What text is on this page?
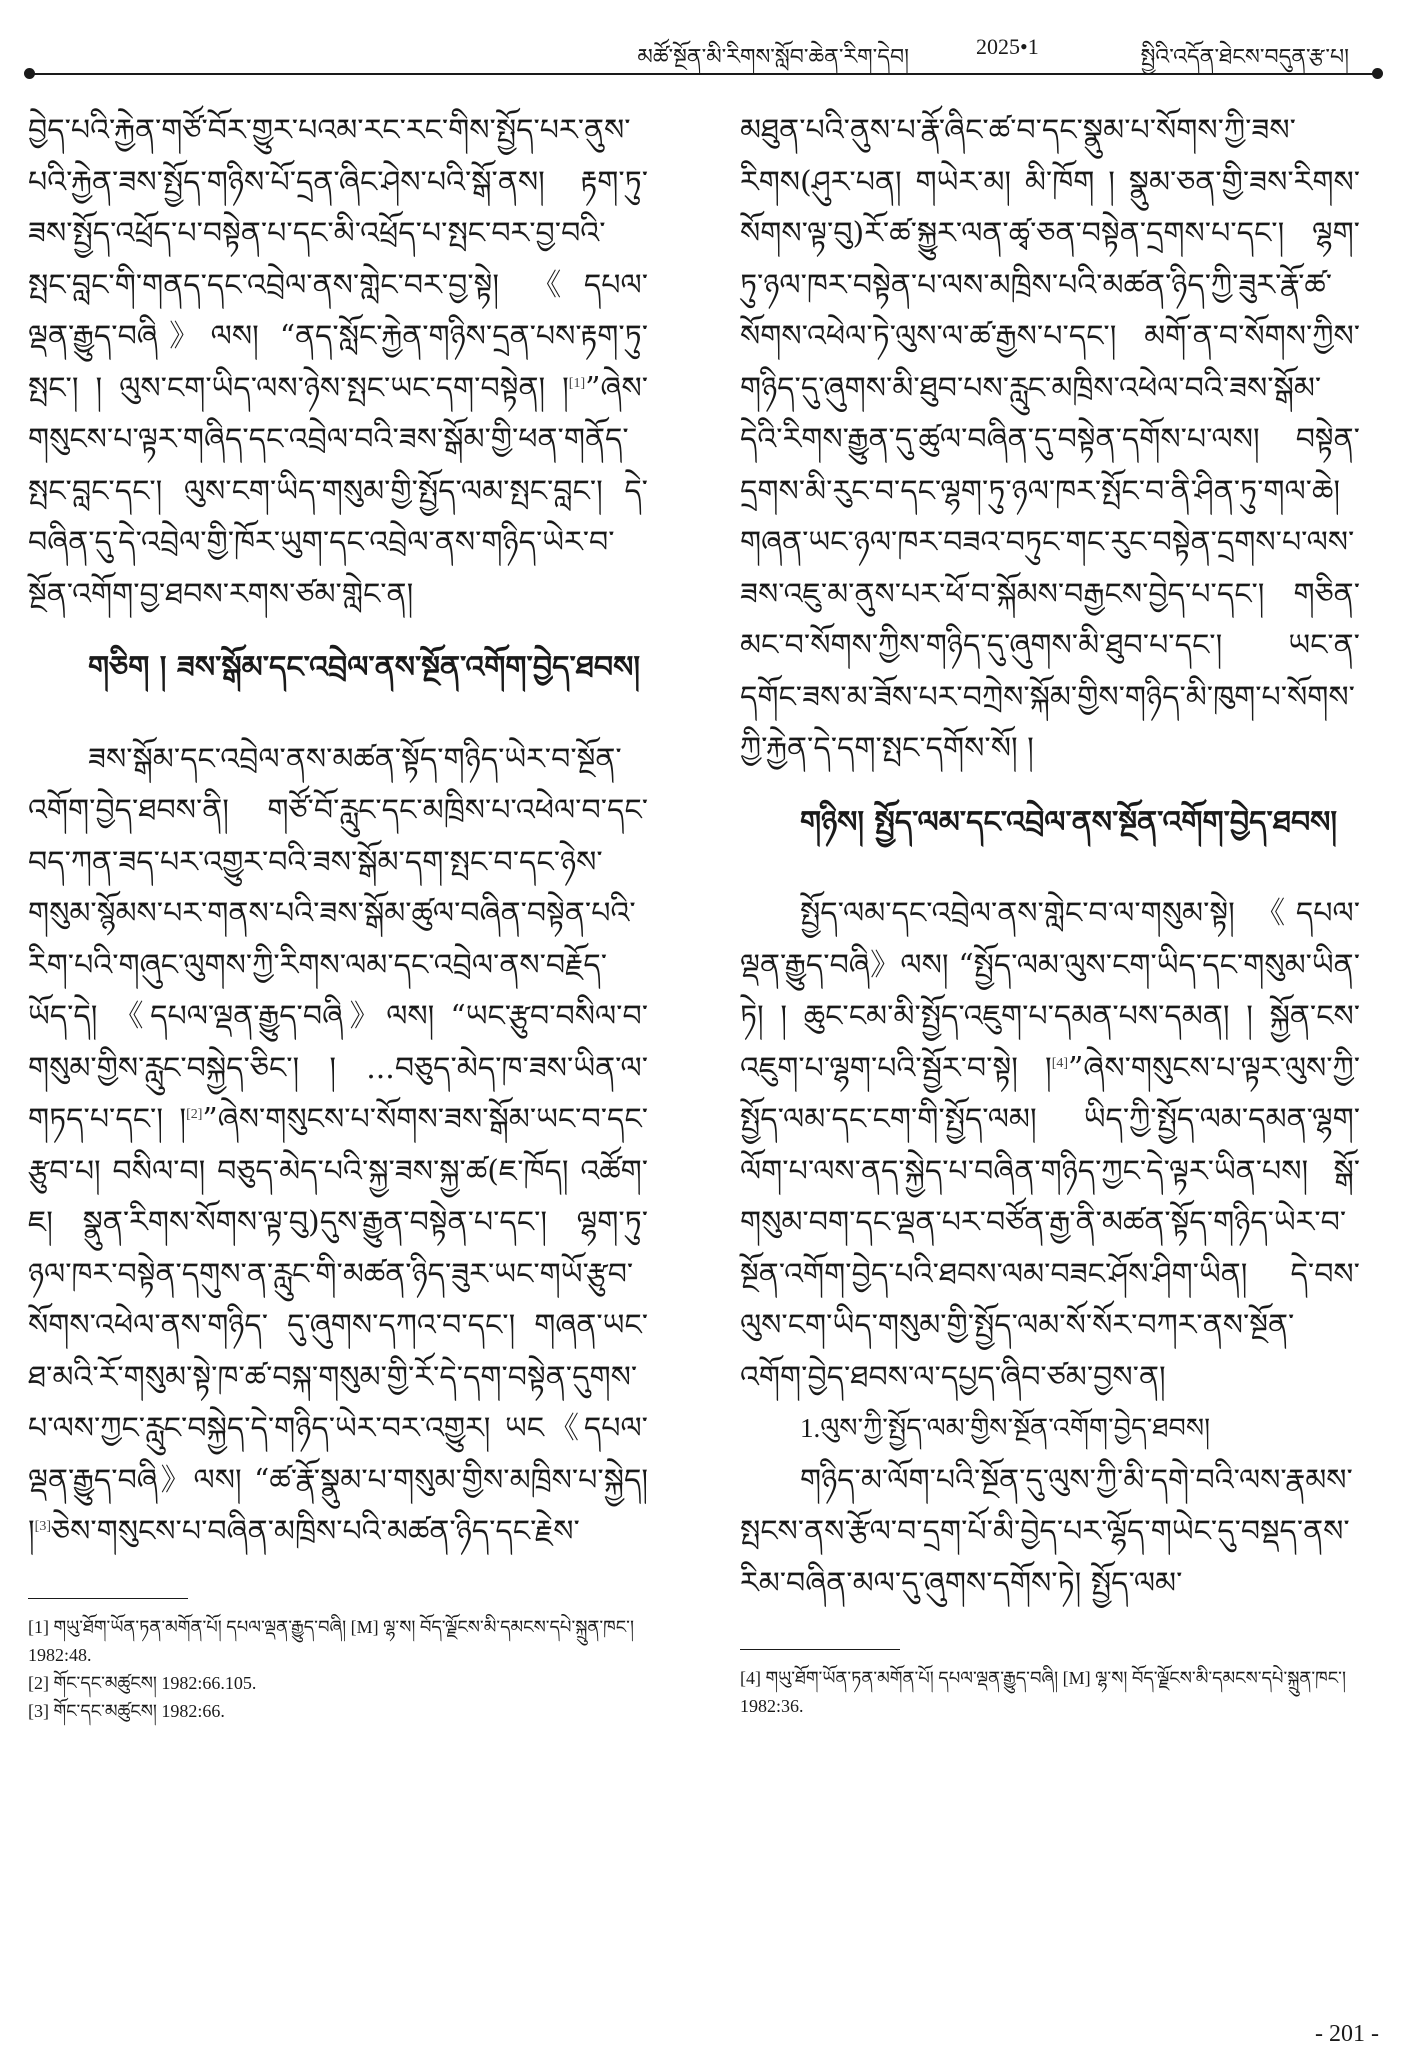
མཚོ་སྔོན་མི་རིགས་སློབ་ཆེན་རིག་དེབ།	2025•1	སྤྱིའི་འདོན་ཐེངས་བདུན་རྩ་པ།

བྱེད་པའི་རྐྱེན་གཙོ་བོར་གྱུར་པའམ་རང་རང་གིས་སྤྱོད་པར་ནུས་པའི་རྐྱེན་ཟས་སྤྱོད་གཉིས་པོ་དྲན་ཞིང་ཤེས་པའི་སྒོ་ནས། རྟག་ཏུ་ཟས་སྤྱོད་འཕྲོད་པ་བསྟེན་པ་དང་མི་འཕྲོད་པ་སྤང་བར་བྱ་བའི་སྤང་བླང་གི་གནད་དང་འབྲེལ་ནས་གླེང་བར་བྱ་སྟེ། 《དཔལ་ལྡན་རྒྱུད་བཞི》ལས། “ནད་སློང་རྐྱེན་གཉིས་དྲན་པས་རྟག་ཏུ་སྤང་། ། ལུས་ངག་ཡིད་ལས་ཉེས་སྤང་ཡང་དག་བསྟེན། །[1]”ཞེས་གསུངས་པ་ལྟར་གཞིད་དང་འབྲེལ་བའི་ཟས་སྒོམ་གྱི་ཕན་གནོད་སྤང་བླང་དང་། ལུས་ངག་ཡིད་གསུམ་གྱི་སྤྱོད་ལམ་སྤང་བླང་། དེ་བཞིན་དུ་དེ་འབྲེལ་གྱི་ཁོར་ཡུག་དང་འབྲེལ་ནས་གཉིད་ཡེར་བ་སྔོན་འགོག་བྱ་ཐབས་རགས་ཙམ་གླེང་ན།

གཅིག ། ཟས་སྒོམ་དང་འབྲེལ་ནས་སྔོན་འགོག་བྱེད་ཐབས།

ཟས་སྒོམ་དང་འབྲེལ་ནས་མཚན་སྟོད་གཉིད་ཡེར་བ་སྔོན་འགོག་བྱེད་ཐབས་ནི། གཙོ་བོ་རླུང་དང་མཁྲིས་པ་འཕེལ་བ་དང་བད་ཀན་ཟད་པར་འགྱུར་བའི་ཟས་སྒོམ་དག་སྤང་བ་དང་ཉེས་གསུམ་སྙོམས་པར་གནས་པའི་ཟས་སྒོམ་ཚུལ་བཞིན་བསྟེན་པའི་རིག་པའི་གཞུང་ལུགས་ཀྱི་རིགས་ལམ་དང་འབྲེལ་ནས་བརྗོད་ཡོད་དེ། 《དཔལ་ལྡན་རྒྱུད་བཞི》ལས། “ཡང་རྩུབ་བསིལ་བ་གསུམ་གྱིས་རླུང་བསྐྱེད་ཅིང་། ། ...བཅུད་མེད་ཁ་ཟས་ཡིན་ལ་གཏད་པ་དང་། །[2]”ཞེས་གསུངས་པ་སོགས་ཟས་སྒོམ་ཡང་བ་དང་རྩུབ་པ། བསིལ་བ། བཅུད་མེད་པའི་སྐྱ་ཟས་སྐྱ་ཚ(ཇ་ཁོད། འཚོག་ཇ། སྣུན་རིགས་སོགས་ལྟ་བུ)དུས་རྒྱུན་བསྟེན་པ་དང་། ལྷག་ཏུ་ཉལ་ཁར་བསྟེན་དགུས་ན་རླུང་གི་མཚན་ཉིད་ཟུར་ཡང་གཡོ་རྩུབ་སོགས་འཕེལ་ནས་གཉིད་ དུ་ཞུགས་དཀའ་བ་དང་། གཞན་ཡང་ཐ་མའི་རོ་གསུམ་སྟེ་ཁ་ཚ་བསྐ་གསུམ་གྱི་རོ་དེ་དག་བསྟེན་དུགས་པ་ལས་ཀྱང་རླུང་བསྐྱེད་དེ་གཉིད་ཡེར་བར་འགྱུར། ཡང《དཔལ་ལྡན་རྒྱུད་བཞི》ལས། “ཚ་རྣོ་སྣུམ་པ་གསུམ་གྱིས་མཁྲིས་པ་སྐྱེད། །[3]ཅེས་གསུངས་པ་བཞིན་མཁྲིས་པའི་མཚན་ཉིད་དང་རྗེས་

[1] གཡུ་ཐོག་ཡོན་ཏན་མགོན་པོ། དཔལ་ལྡན་རྒྱུད་བཞི། [M] ལྷ་ས། བོད་ལྗོངས་མི་དམངས་དཔེ་སྐྲུན་ཁང་། 1982:48.

[2] གོང་དང་མཚུངས། 1982:66.105.

[3] གོང་དང་མཚུངས། 1982:66.

མཐུན་པའི་ནུས་པ་རྣོ་ཞིང་ཚ་བ་དང་སྣུམ་པ་སོགས་ཀྱི་ཟས་རིགས(ཤུར་པན། གཡེར་མ། མི་ཁོག ། སྣུམ་ཅན་གྱི་ཟས་རིགས་སོགས་ལྟ་བུ)རོ་ཚ་སྐྱུར་ལན་ཚྭ་ཅན་བསྟེན་དྲགས་པ་དང་། ལྷག་ཏུ་ཉལ་ཁར་བསྟེན་པ་ལས་མཁྲིས་པའི་མཚན་ཉིད་ཀྱི་ཟུར་རྣོ་ཚ་སོགས་འཕེལ་ཏེ་ལུས་ལ་ཚ་རྒྱས་པ་དང་། མགོ་ན་བ་སོགས་ཀྱིས་གཉིད་དུ་ཞུགས་མི་ཐུབ་པས་རླུང་མཁྲིས་འཕེལ་བའི་ཟས་སྒོམ་དེའི་རིགས་རྒྱུན་དུ་ཚུལ་བཞིན་དུ་བསྟེན་དགོས་པ་ལས། བསྟེན་དྲགས་མི་རུང་བ་དང་ལྷག་ཏུ་ཉལ་ཁར་སྤོང་བ་ནི་ཤིན་ཏུ་གལ་ཆེ། གཞན་ཡང་ཉལ་ཁར་བཟའ་བཏུང་གང་རུང་བསྟེན་དྲགས་པ་ལས་ཟས་འཇུ་མ་ནུས་པར་ཕོ་བ་སྐོམས་བརྒྱངས་བྱེད་པ་དང་། གཅིན་མང་བ་སོགས་ཀྱིས་གཉིད་དུ་ཞུགས་མི་ཐུབ་པ་དང་། ཡང་ན་དགོང་ཟས་མ་ཟོས་པར་བཀྲེས་སྐོམ་གྱིས་གཉིད་མི་ཁུག་པ་སོགས་ཀྱི་རྐྱེན་དེ་དག་སྤང་དགོས་སོ། །

གཉིས། སྤྱོད་ལམ་དང་འབྲེལ་ནས་སྔོན་འགོག་བྱེད་ཐབས།

སྤྱོད་ལམ་དང་འབྲེལ་ནས་གླེང་བ་ལ་གསུམ་སྟེ། 《དཔལ་ལྡན་རྒྱུད་བཞི》ལས། “སྤྱོད་ལམ་ལུས་ངག་ཡིད་དང་གསུམ་ཡིན་ཏེ། ། ཆུང་ངམ་མི་སྤྱོད་འཇུག་པ་དམན་པས་དམན། ། སྐྱོན་ངས་འཇུག་པ་ལྷག་པའི་སྦྱོར་བ་སྟེ། །[4]”ཞེས་གསུངས་པ་ལྟར་ལུས་ཀྱི་སྤྱོད་ལམ་དང་ངག་གི་སྤྱོད་ལམ། ཡིད་ཀྱི་སྤྱོད་ལམ་དམན་ལྷག་ལོག་པ་ལས་ནད་སྐྱེད་པ་བཞིན་གཉིད་ཀྱང་དེ་ལྟར་ཡིན་པས། སྒོ་གསུམ་བག་དང་ལྡན་པར་བཙོན་རྒྱ་ནི་མཚན་སྟོད་གཉིད་ཡེར་བ་སྔོན་འགོག་བྱེད་པའི་ཐབས་ལམ་བཟང་ཤོས་ཤིག་ཡིན། དེ་བས་ལུས་ངག་ཡིད་གསུམ་གྱི་སྤྱོད་ལམ་སོ་སོར་བཀར་ནས་སྔོན་འགོག་བྱེད་ཐབས་ལ་དཔྱད་ཞིབ་ཙམ་བྱས་ན།

1.ལུས་ཀྱི་སྤྱོད་ལམ་གྱིས་སྔོན་འགོག་བྱེད་ཐབས།

གཉིད་མ་ལོག་པའི་སྔོན་དུ་ལུས་ཀྱི་མི་དགེ་བའི་ལས་རྣམས་སྤངས་ནས་རྩོལ་བ་དྲག་པོ་མི་བྱེད་པར་ལྷོད་གཡེང་དུ་བསྡད་ནས་རིམ་བཞིན་མལ་དུ་ཞུགས་དགོས་ཏེ། སྤྱོད་ལམ་

[4] གཡུ་ཐོག་ཡོན་ཏན་མགོན་པོ། དཔལ་ལྡན་རྒྱུད་བཞི། [M] ལྷ་ས། བོད་ལྗོངས་མི་དམངས་དཔེ་སྐྲུན་ཁང་། 1982:36.

- 201 -
